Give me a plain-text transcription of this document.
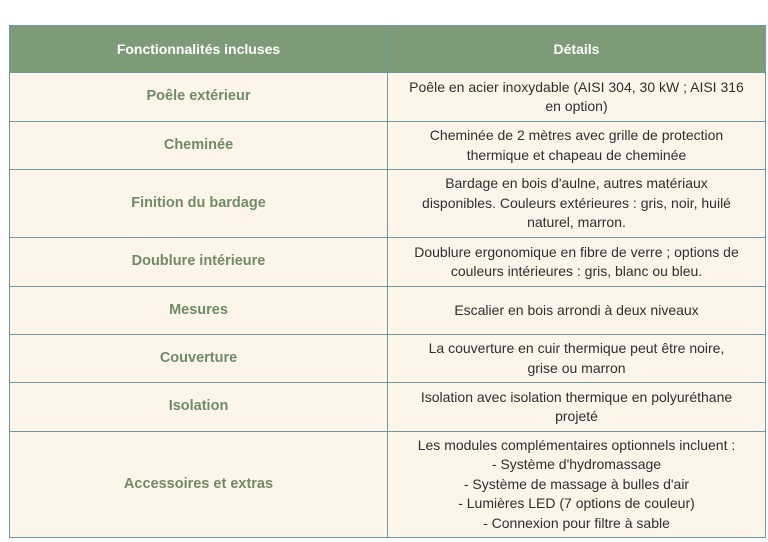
Fonctionnalités incluses	Détails
Poêle extérieur	Poêle en acier inoxydable (AISI 304, 30 kW ; AISI 316
en option)

Cheminée	Cheminée de 2 mètres avec grille de protection
thermique et chapeau de cheminée

Finition du bardage	Bardage en bois d'aulne, autres matériaux
disponibles. Couleurs extérieures : gris, noir, huilé
naturel, marron.

Doublure intérieure	Doublure ergonomique en fibre de verre ; options de
couleurs intérieures : gris, blanc ou bleu.

Mesures	Escalier en bois arrondi à deux niveaux

Couverture	La couverture en cuir thermique peut être noire,
grise ou marron

Isolation	Isolation avec isolation thermique en polyuréthane
projeté

Accessoires et extras	Les modules complémentaires optionnels incluent :
- Système d'hydromassage
- Système de massage à bulles d'air
- Lumières LED (7 options de couleur)
- Connexion pour filtre à sable
